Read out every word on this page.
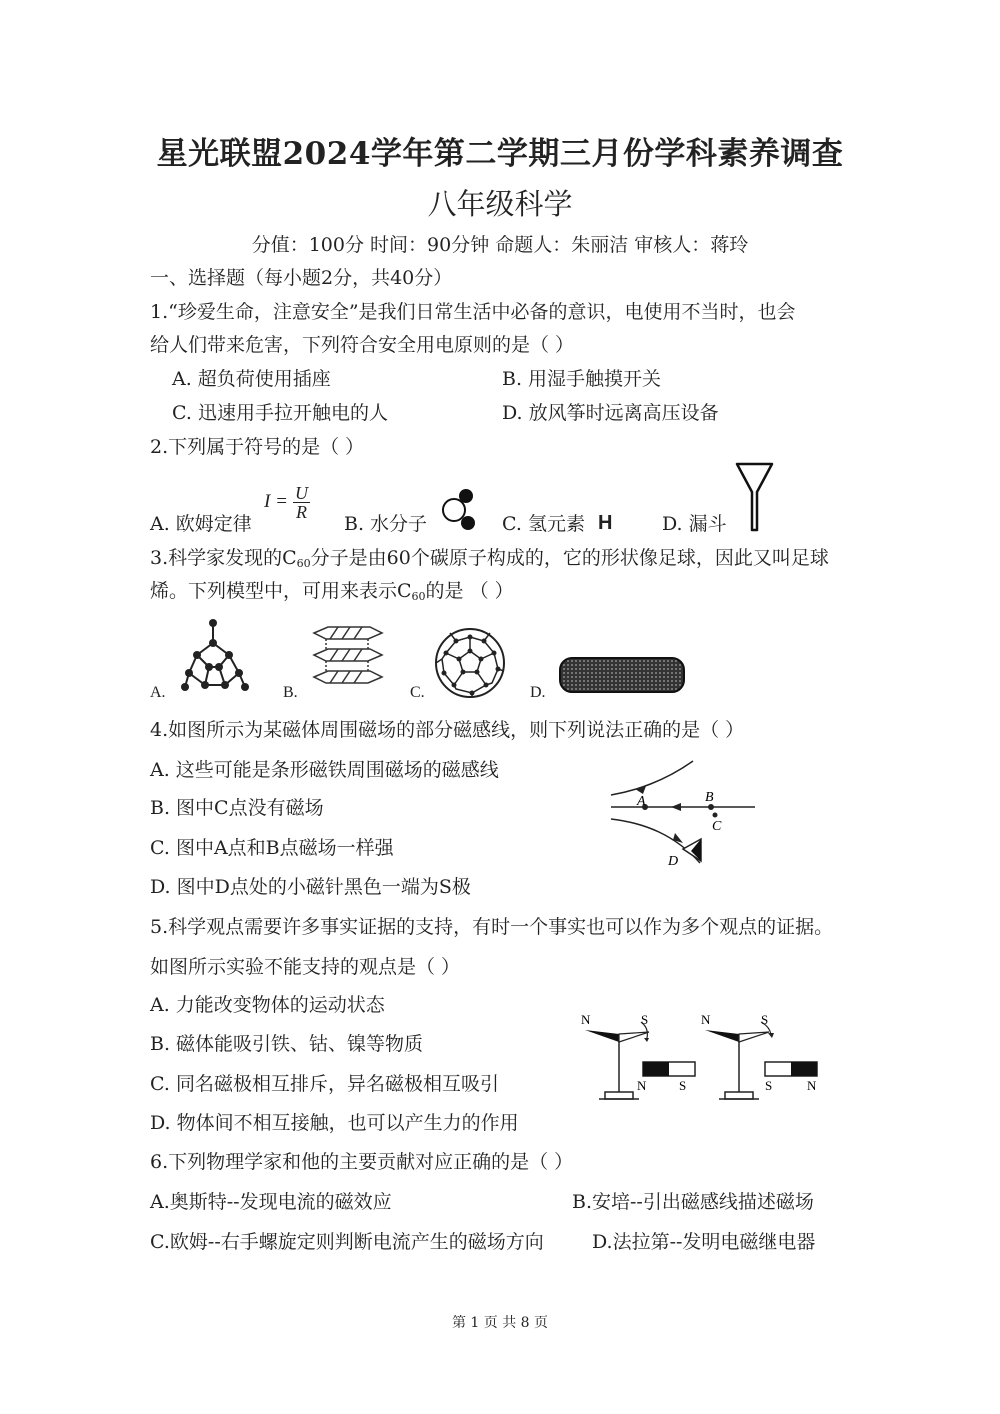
星光联盟2024学年第二学期三月份学科素养调查
八年级科学
分值：100分 时间：90分钟 命题人：朱丽洁 审核人：蒋玲
一、选择题（每小题2分，共40分）
1.“珍爱生命，注意安全”是我们日常生活中必备的意识，电使用不当时，也会
给人们带来危害，下列符合安全用电原则的是（ ）
A. 超负荷使用插座	B. 用湿手触摸开关
C. 迅速用手拉开触电的人	D. 放风筝时远离高压设备
2.下列属于符号的是（ ）
A. 欧姆定律
$I = \frac{U}{R}$
B. 水分子	C. 氢元素 H	D. 漏斗
3.科学家发现的$C_{60}$分子是由60个碳原子构成的，它的形状像足球，因此又叫足球
烯。下列模型中，可用来表示$C_{60}$的是 （ ）
A.	B.	C.	D.
4.如图所示为某磁体周围磁场的部分磁感线，则下列说法正确的是（ ）
A. 这些可能是条形磁铁周围磁场的磁感线
B. 图中C点没有磁场
C. 图中A点和B点磁场一样强
D. 图中D点处的小磁针黑色一端为S极
A	B
C
D
5.科学观点需要许多事实证据的支持，有时一个事实也可以作为多个观点的证据。
如图所示实验不能支持的观点是（ ）
A. 力能改变物体的运动状态
B. 磁体能吸引铁、钴、镍等物质
C. 同名磁极相互排斥，异名磁极相互吸引
D. 物体间不相互接触，也可以产生力的作用
N	S
N	S
N	S
S	N
6.下列物理学家和他的主要贡献对应正确的是（ ）
A.奥斯特--发现电流的磁效应	B.安培--引出磁感线描述磁场
C.欧姆--右手螺旋定则判断电流产生的磁场方向	D.法拉第--发明电磁继电器
第 1 页 共 8 页
